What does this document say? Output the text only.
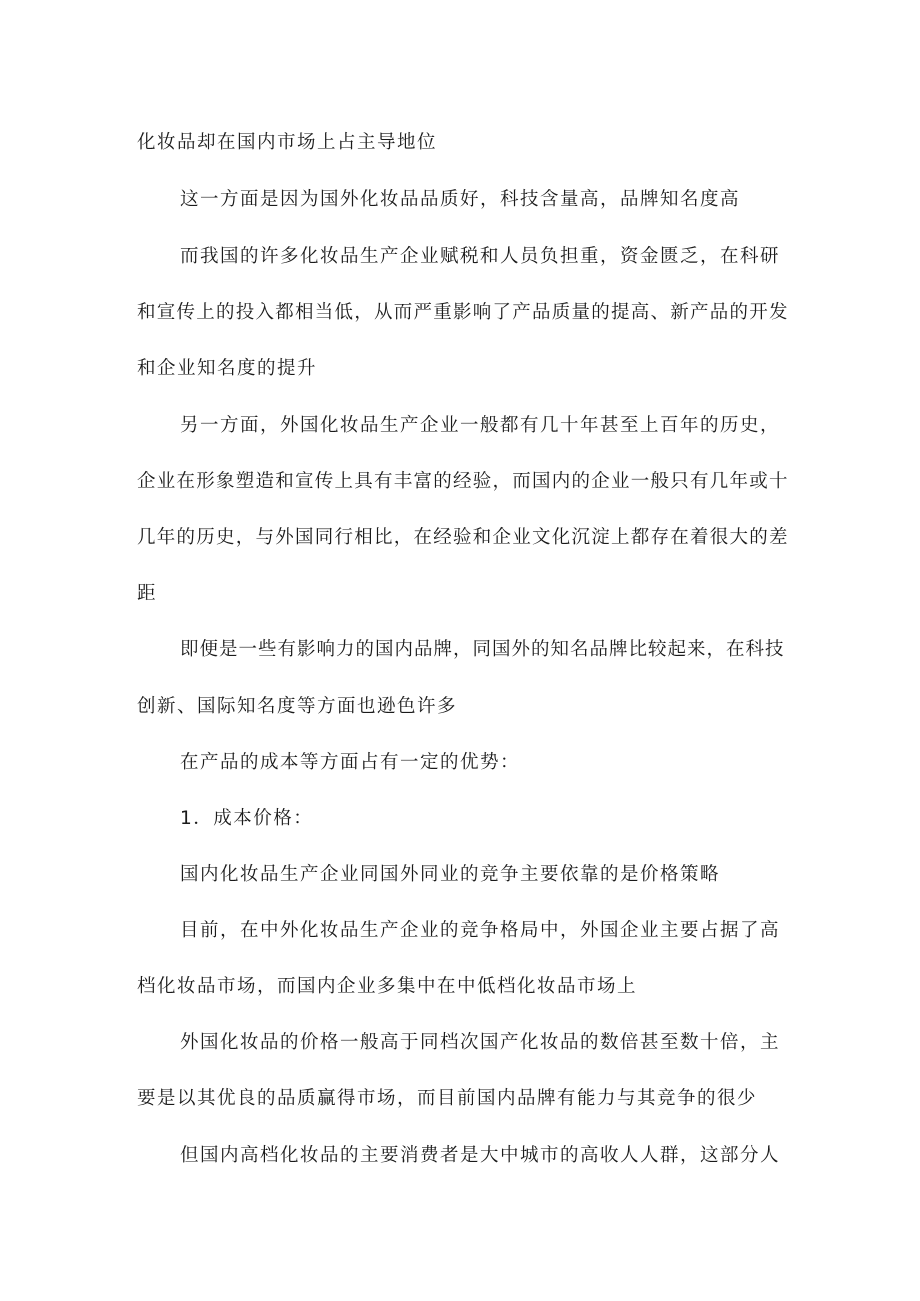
化妆品却在国内市场上占主导地位
这一方面是因为国外化妆品品质好，科技含量高，品牌知名度高
而我国的许多化妆品生产企业赋税和人员负担重，资金匮乏，在科研
和宣传上的投入都相当低，从而严重影响了产品质量的提高、新产品的开发
和企业知名度的提升
另一方面，外国化妆品生产企业一般都有几十年甚至上百年的历史，
企业在形象塑造和宣传上具有丰富的经验，而国内的企业一般只有几年或十
几年的历史，与外国同行相比，在经验和企业文化沉淀上都存在着很大的差
距
即便是一些有影响力的国内品牌，同国外的知名品牌比较起来，在科技
创新、国际知名度等方面也逊色许多
在产品的成本等方面占有一定的优势：
1．成本价格：
国内化妆品生产企业同国外同业的竞争主要依靠的是价格策略
目前，在中外化妆品生产企业的竞争格局中，外国企业主要占据了高
档化妆品市场，而国内企业多集中在中低档化妆品市场上
外国化妆品的价格一般高于同档次国产化妆品的数倍甚至数十倍，主
要是以其优良的品质赢得市场，而目前国内品牌有能力与其竞争的很少
但国内高档化妆品的主要消费者是大中城市的高收人人群，这部分人
